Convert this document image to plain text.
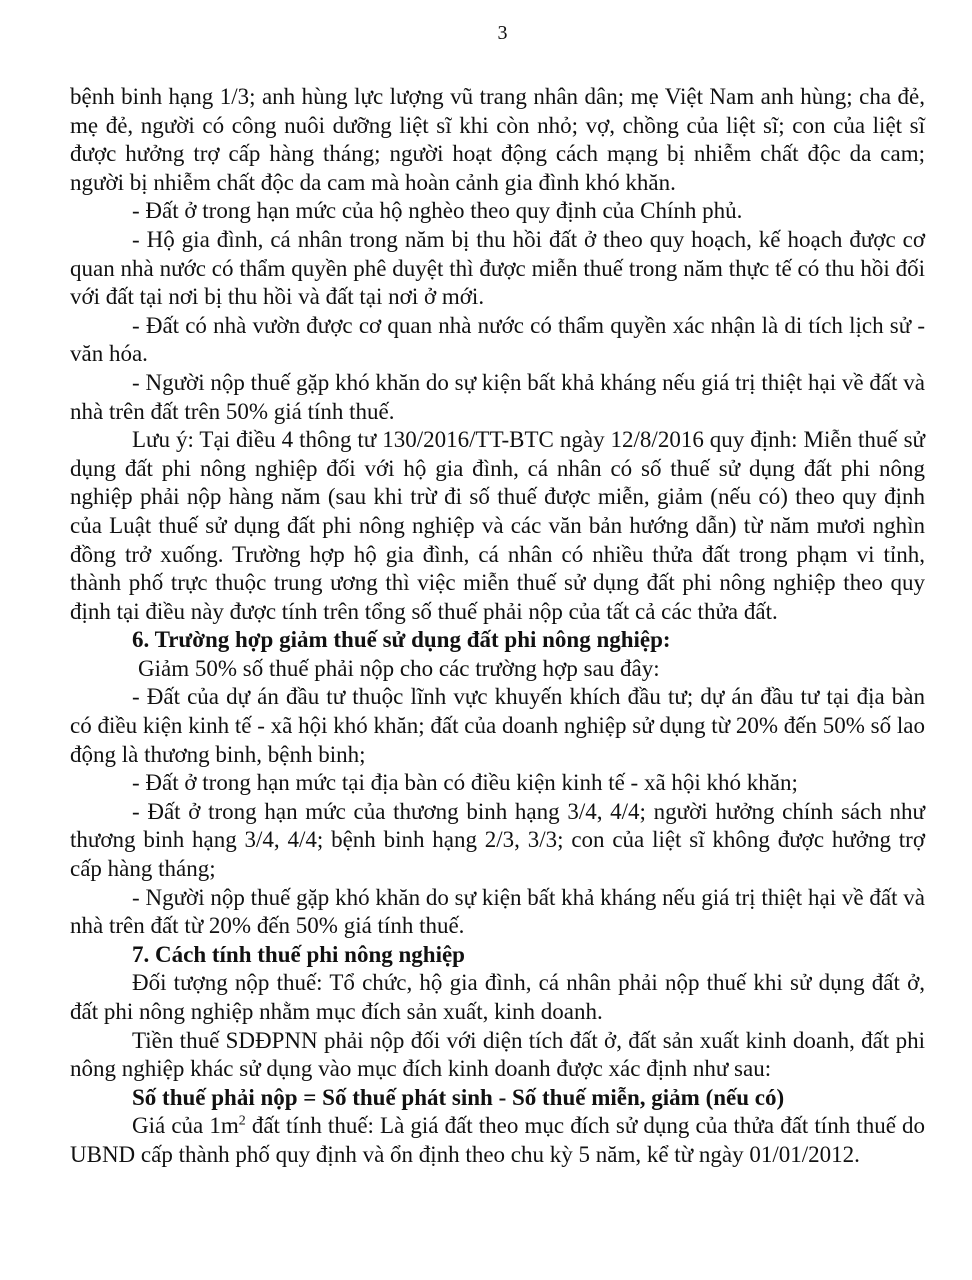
3

bệnh binh hạng 1/3; anh hùng lực lượng vũ trang nhân dân; mẹ Việt Nam anh hùng; cha đẻ, mẹ đẻ, người có công nuôi dưỡng liệt sĩ khi còn nhỏ; vợ, chồng của liệt sĩ; con của liệt sĩ được hưởng trợ cấp hàng tháng; người hoạt động cách mạng bị nhiễm chất độc da cam; người bị nhiễm chất độc da cam mà hoàn cảnh gia đình khó khăn.

- Đất ở trong hạn mức của hộ nghèo theo quy định của Chính phủ.

- Hộ gia đình, cá nhân trong năm bị thu hồi đất ở theo quy hoạch, kế hoạch được cơ quan nhà nước có thẩm quyền phê duyệt thì được miễn thuế trong năm thực tế có thu hồi đối với đất tại nơi bị thu hồi và đất tại nơi ở mới.

- Đất có nhà vườn được cơ quan nhà nước có thẩm quyền xác nhận là di tích lịch sử - văn hóa.

- Người nộp thuế gặp khó khăn do sự kiện bất khả kháng nếu giá trị thiệt hại về đất và nhà trên đất trên 50% giá tính thuế.

Lưu ý: Tại điều 4 thông tư 130/2016/TT-BTC ngày 12/8/2016 quy định: Miễn thuế sử dụng đất phi nông nghiệp đối với hộ gia đình, cá nhân có số thuế sử dụng đất phi nông nghiệp phải nộp hàng năm (sau khi trừ đi số thuế được miễn, giảm (nếu có) theo quy định của Luật thuế sử dụng đất phi nông nghiệp và các văn bản hướng dẫn) từ năm mươi nghìn đồng trở xuống. Trường hợp hộ gia đình, cá nhân có nhiều thửa đất trong phạm vi tỉnh, thành phố trực thuộc trung ương thì việc miễn thuế sử dụng đất phi nông nghiệp theo quy định tại điều này được tính trên tổng số thuế phải nộp của tất cả các thửa đất.

6. Trường hợp giảm thuế sử dụng đất phi nông nghiệp:

Giảm 50% số thuế phải nộp cho các trường hợp sau đây:

- Đất của dự án đầu tư thuộc lĩnh vực khuyến khích đầu tư; dự án đầu tư tại địa bàn có điều kiện kinh tế - xã hội khó khăn; đất của doanh nghiệp sử dụng từ 20% đến 50% số lao động là thương binh, bệnh binh;

- Đất ở trong hạn mức tại địa bàn có điều kiện kinh tế - xã hội khó khăn;

- Đất ở trong hạn mức của thương binh hạng 3/4, 4/4; người hưởng chính sách như thương binh hạng 3/4, 4/4; bệnh binh hạng 2/3, 3/3; con của liệt sĩ không được hưởng trợ cấp hàng tháng;

- Người nộp thuế gặp khó khăn do sự kiện bất khả kháng nếu giá trị thiệt hại về đất và nhà trên đất từ 20% đến 50% giá tính thuế.

7. Cách tính thuế phi nông nghiệp

Đối tượng nộp thuế: Tổ chức, hộ gia đình, cá nhân phải nộp thuế khi sử dụng đất ở, đất phi nông nghiệp nhằm mục đích sản xuất, kinh doanh.

Tiền thuế SDĐPNN phải nộp đối với diện tích đất ở, đất sản xuất kinh doanh, đất phi nông nghiệp khác sử dụng vào mục đích kinh doanh được xác định như sau:

Số thuế phải nộp = Số thuế phát sinh - Số thuế miễn, giảm (nếu có)

Giá của $1m^2$ đất tính thuế: Là giá đất theo mục đích sử dụng của thửa đất tính thuế do UBND cấp thành phố quy định và ổn định theo chu kỳ 5 năm, kể từ ngày 01/01/2012.
